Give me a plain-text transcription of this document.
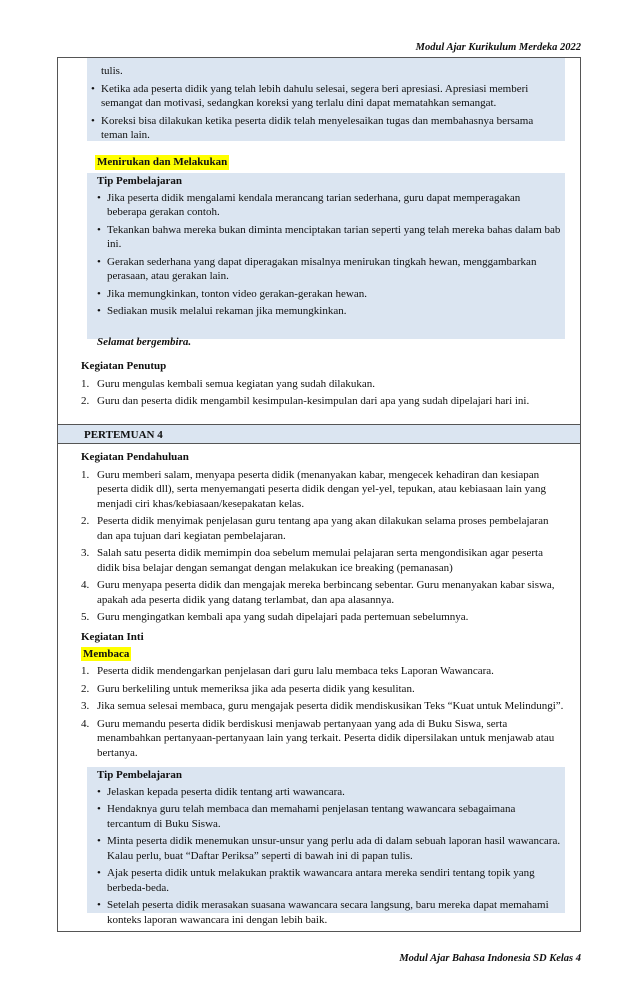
Modul Ajar Kurikulum Merdeka 2022
tulis.
• Ketika ada peserta didik yang telah lebih dahulu selesai, segera beri apresiasi. Apresiasi memberi semangat dan motivasi, sedangkan koreksi yang terlalu dini dapat mematahkan semangat.
• Koreksi bisa dilakukan ketika peserta didik telah menyelesaikan tugas dan membahasnya bersama teman lain.
Menirukan dan Melakukan
Tip Pembelajaran
• Jika peserta didik mengalami kendala merancang tarian sederhana, guru dapat memperagakan beberapa gerakan contoh.
• Tekankan bahwa mereka bukan diminta menciptakan tarian seperti yang telah mereka bahas dalam bab ini.
• Gerakan sederhana yang dapat diperagakan misalnya menirukan tingkah hewan, menggambarkan perasaan, atau gerakan lain.
• Jika memungkinkan, tonton video gerakan-gerakan hewan.
• Sediakan musik melalui rekaman jika memungkinkan.
Selamat bergembira.
Kegiatan Penutup
1. Guru mengulas kembali semua kegiatan yang sudah dilakukan.
2. Guru dan peserta didik mengambil kesimpulan-kesimpulan dari apa yang sudah dipelajari hari ini.
PERTEMUAN 4
Kegiatan Pendahuluan
1. Guru memberi salam, menyapa peserta didik (menanyakan kabar, mengecek kehadiran dan kesiapan peserta didik dll), serta menyemangati peserta didik dengan yel-yel, tepukan, atau kebiasaan lain yang menjadi ciri khas/kebiasaan/kesepakatan kelas.
2. Peserta didik menyimak penjelasan guru tentang apa yang akan dilakukan selama proses pembelajaran dan apa tujuan dari kegiatan pembelajaran.
3. Salah satu peserta didik memimpin doa sebelum memulai pelajaran serta mengondisikan agar peserta didik bisa belajar dengan semangat dengan melakukan ice breaking (pemanasan)
4. Guru menyapa peserta didik dan mengajak mereka berbincang sebentar. Guru menanyakan kabar siswa, apakah ada peserta didik yang datang terlambat, dan apa alasannya.
5. Guru mengingatkan kembali apa yang sudah dipelajari pada pertemuan sebelumnya.
Kegiatan Inti
Membaca
1. Peserta didik mendengarkan penjelasan dari guru lalu membaca teks Laporan Wawancara.
2. Guru berkeliling untuk memeriksa jika ada peserta didik yang kesulitan.
3. Jika semua selesai membaca, guru mengajak peserta didik mendiskusikan Teks “Kuat untuk Melindungi”.
4. Guru memandu peserta didik berdiskusi menjawab pertanyaan yang ada di Buku Siswa, serta menambahkan pertanyaan-pertanyaan lain yang terkait. Peserta didik dipersilakan untuk menjawab atau bertanya.
Tip Pembelajaran
• Jelaskan kepada peserta didik tentang arti wawancara.
• Hendaknya guru telah membaca dan memahami penjelasan tentang wawancara sebagaimana tercantum di Buku Siswa.
• Minta peserta didik menemukan unsur-unsur yang perlu ada di dalam sebuah laporan hasil wawancara. Kalau perlu, buat “Daftar Periksa” seperti di bawah ini di papan tulis.
• Ajak peserta didik untuk melakukan praktik wawancara antara mereka sendiri tentang topik yang berbeda-beda.
• Setelah peserta didik merasakan suasana wawancara secara langsung, baru mereka dapat memahami konteks laporan wawancara ini dengan lebih baik.
Modul Ajar Bahasa Indonesia SD Kelas 4
